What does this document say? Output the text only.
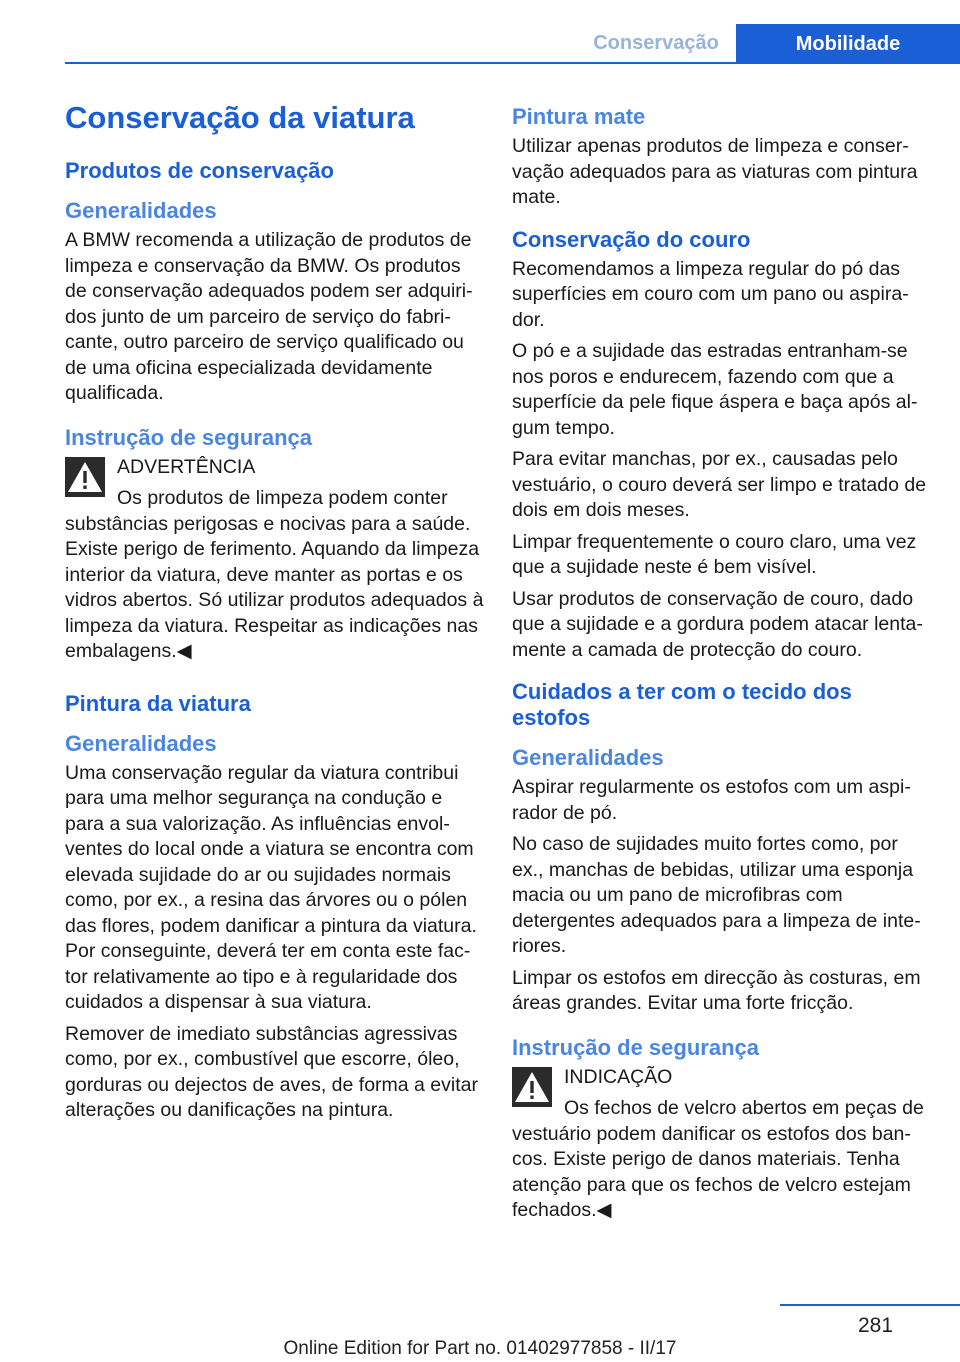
Conservação	Mobilidade
Conservação da viatura
Produtos de conservação
Generalidades

A BMW recomenda a utilização de produtos de limpeza e conservação da BMW. Os produtos de conservação adequados podem ser adquiridos junto de um parceiro de serviço do fabricante, outro parceiro de serviço qualificado ou de uma oficina especializada devidamente qualificada.

Instrução de segurança
ADVERTÊNCIA
Os produtos de limpeza podem conter

substâncias perigosas e nocivas para a saúde. Existe perigo de ferimento. Aquando da limpeza interior da viatura, deve manter as portas e os vidros abertos. Só utilizar produtos adequados à limpeza da viatura. Respeitar as indicações nas embalagens.◀

Pintura da viatura
Generalidades

Uma conservação regular da viatura contribui para uma melhor segurança na condução e para a sua valorização. As influências envolventes do local onde a viatura se encontra com elevada sujidade do ar ou sujidades normais como, por ex., a resina das árvores ou o pólen das flores, podem danificar a pintura da viatura. Por conseguinte, deverá ter em conta este factor relativamente ao tipo e à regularidade dos cuidados a dispensar à sua viatura.

Remover de imediato substâncias agressivas como, por ex., combustível que escorre, óleo, gorduras ou dejectos de aves, de forma a evitar alterações ou danificações na pintura.

Pintura mate

Utilizar apenas produtos de limpeza e conservação adequados para as viaturas com pintura mate.

Conservação do couro

Recomendamos a limpeza regular do pó das superfícies em couro com um pano ou aspirador.

O pó e a sujidade das estradas entranham-se nos poros e endurecem, fazendo com que a superfície da pele fique áspera e baça após algum tempo.

Para evitar manchas, por ex., causadas pelo vestuário, o couro deverá ser limpo e tratado de dois em dois meses.

Limpar frequentemente o couro claro, uma vez que a sujidade neste é bem visível.

Usar produtos de conservação de couro, dado que a sujidade e a gordura podem atacar lentamente a camada de protecção do couro.

Cuidados a ter com o tecido dos estofos
Generalidades

Aspirar regularmente os estofos com um aspirador de pó.

No caso de sujidades muito fortes como, por ex., manchas de bebidas, utilizar uma esponja macia ou um pano de microfibras com detergentes adequados para a limpeza de interiores.

Limpar os estofos em direcção às costuras, em áreas grandes. Evitar uma forte fricção.

Instrução de segurança
INDICAÇÃO
Os fechos de velcro abertos em peças de

vestuário podem danificar os estofos dos bancos. Existe perigo de danos materiais. Tenha atenção para que os fechos de velcro estejam fechados.◀

281
Online Edition for Part no. 01402977858 - II/17
